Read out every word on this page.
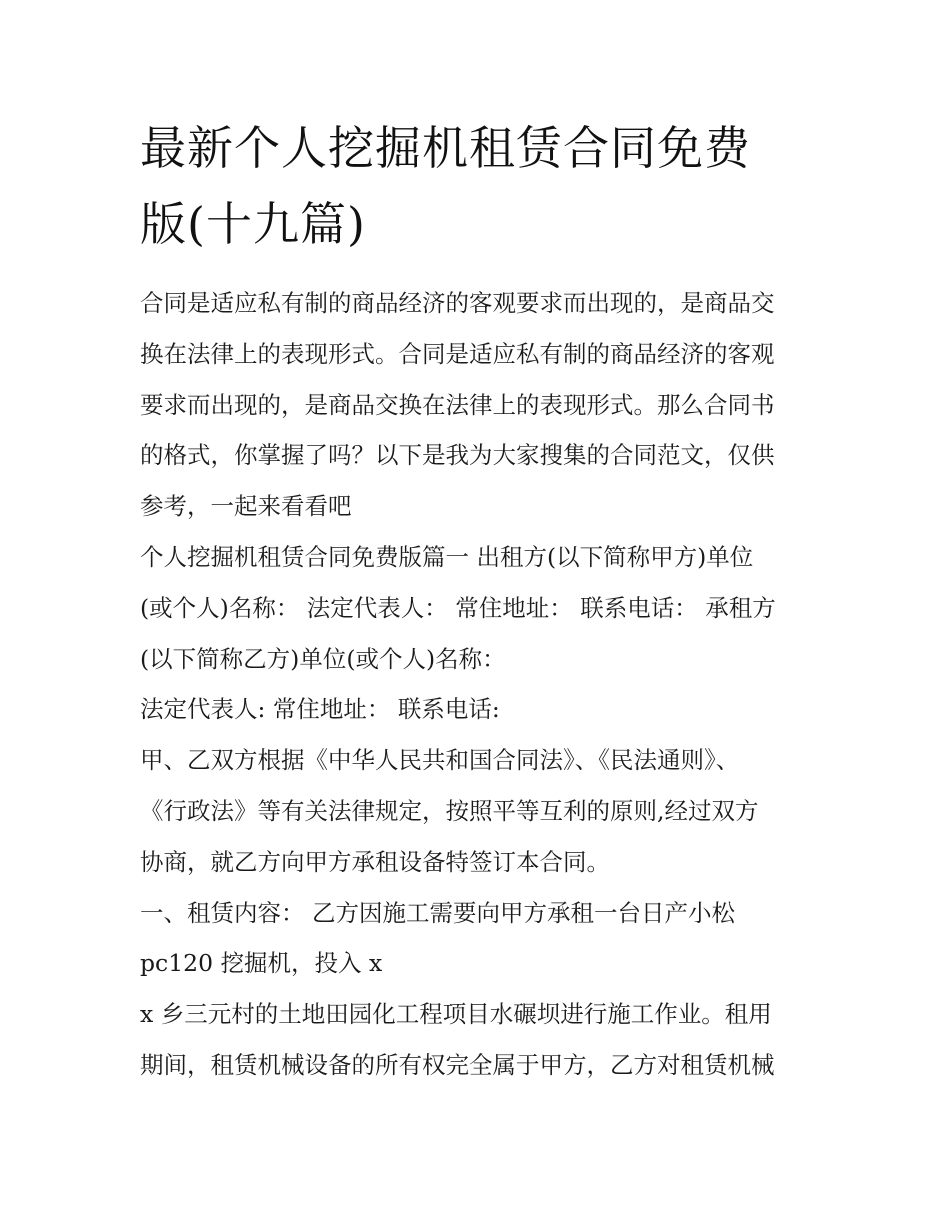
最新个人挖掘机租赁合同免费
版(十九篇)
合同是适应私有制的商品经济的客观要求而出现的，是商品交
换在法律上的表现形式。合同是适应私有制的商品经济的客观
要求而出现的，是商品交换在法律上的表现形式。那么合同书
的格式，你掌握了吗？以下是我为大家搜集的合同范文，仅供
参考，一起来看看吧
个人挖掘机租赁合同免费版篇一 出租方(以下简称甲方)单位
(或个人)名称： 法定代表人： 常住地址： 联系电话： 承租方
(以下简称乙方)单位(或个人)名称：
法定代表人: 常住地址： 联系电话:
甲、乙双方根据《中华人民共和国合同法》、《民法通则》、
《行政法》等有关法律规定，按照平等互利的原则,经过双方
协商，就乙方向甲方承租设备特签订本合同。
一、租赁内容： 乙方因施工需要向甲方承租一台日产小松
pc120 挖掘机，投入 x
x 乡三元村的土地田园化工程项目水碾坝进行施工作业。租用
期间，租赁机械设备的所有权完全属于甲方，乙方对租赁机械
